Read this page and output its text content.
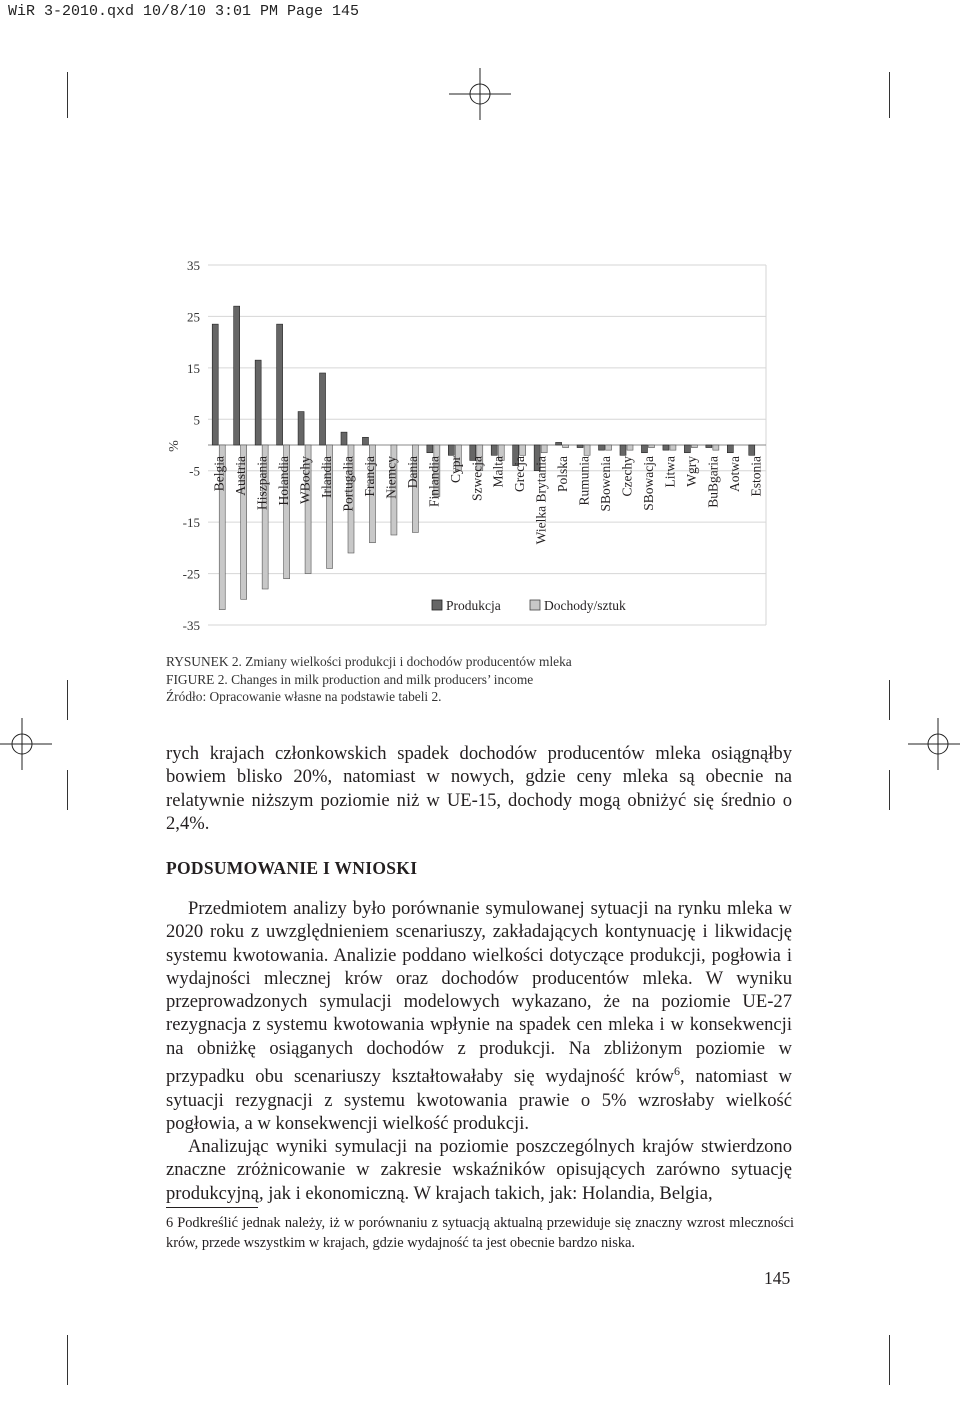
WiR 3-2010.qxd 10/8/10 3:01 PM Page 145
Belgia Austria Hiszpania Holandia WBochy Irlandia Portugalia Francja Niemcy Dania Finlandia Cypr Szwecja Malta Grecja Wielka Brytania Polska Rumunia SBowenia Czechy SBowacja Litwa Wgry BuBgaria Aotwa Estonia
35
25
15
5
-5
-15
-25
-35
%
Produkcja	Dochody/sztuk
RYSUNEK 2. Zmiany wielkości produkcji i dochodów producentów mleka
FIGURE 2. Changes in milk production and milk producers’ income
Źródło: Opracowanie własne na podstawie tabeli 2.

rych krajach członkowskich spadek dochodów producentów mleka osiągnąłby bowiem blisko 20%, natomiast w nowych, gdzie ceny mleka są obecnie na relatywnie niższym poziomie niż w UE-15, dochody mogą obniżyć się średnio o 2,4%.

PODSUMOWANIE I WNIOSKI

Przedmiotem analizy było porównanie symulowanej sytuacji na rynku mleka w 2020 roku z uwzględnieniem scenariuszy, zakładających kontynuację i likwidację systemu kwotowania. Analizie poddano wielkości dotyczące produkcji, pogłowia i wydajności mlecznej krów oraz dochodów producentów mleka. W wyniku przeprowadzonych symulacji modelowych wykazano, że na poziomie UE-27 rezygnacja z systemu kwotowania wpłynie na spadek cen mleka i w konsekwencji na obniżkę osiąganych dochodów z produkcji. Na zbliżonym poziomie w przypadku obu scenariuszy kształtowałaby się wydajność krów$^6$, natomiast w sytuacji rezygnacji z systemu kwotowania prawie o 5% wzrosłaby wielkość pogłowia, a w konsekwencji wielkość produkcji.

Analizując wyniki symulacji na poziomie poszczególnych krajów stwierdzono znaczne zróżnicowanie w zakresie wskaźników opisujących zarówno sytuację produkcyjną, jak i ekonomiczną. W krajach takich, jak: Holandia, Belgia,

6 Podkreślić jednak należy, iż w porównaniu z sytuacją aktualną przewiduje się znaczny wzrost mleczności krów, przede wszystkim w krajach, gdzie wydajność ta jest obecnie bardzo niska.
145
